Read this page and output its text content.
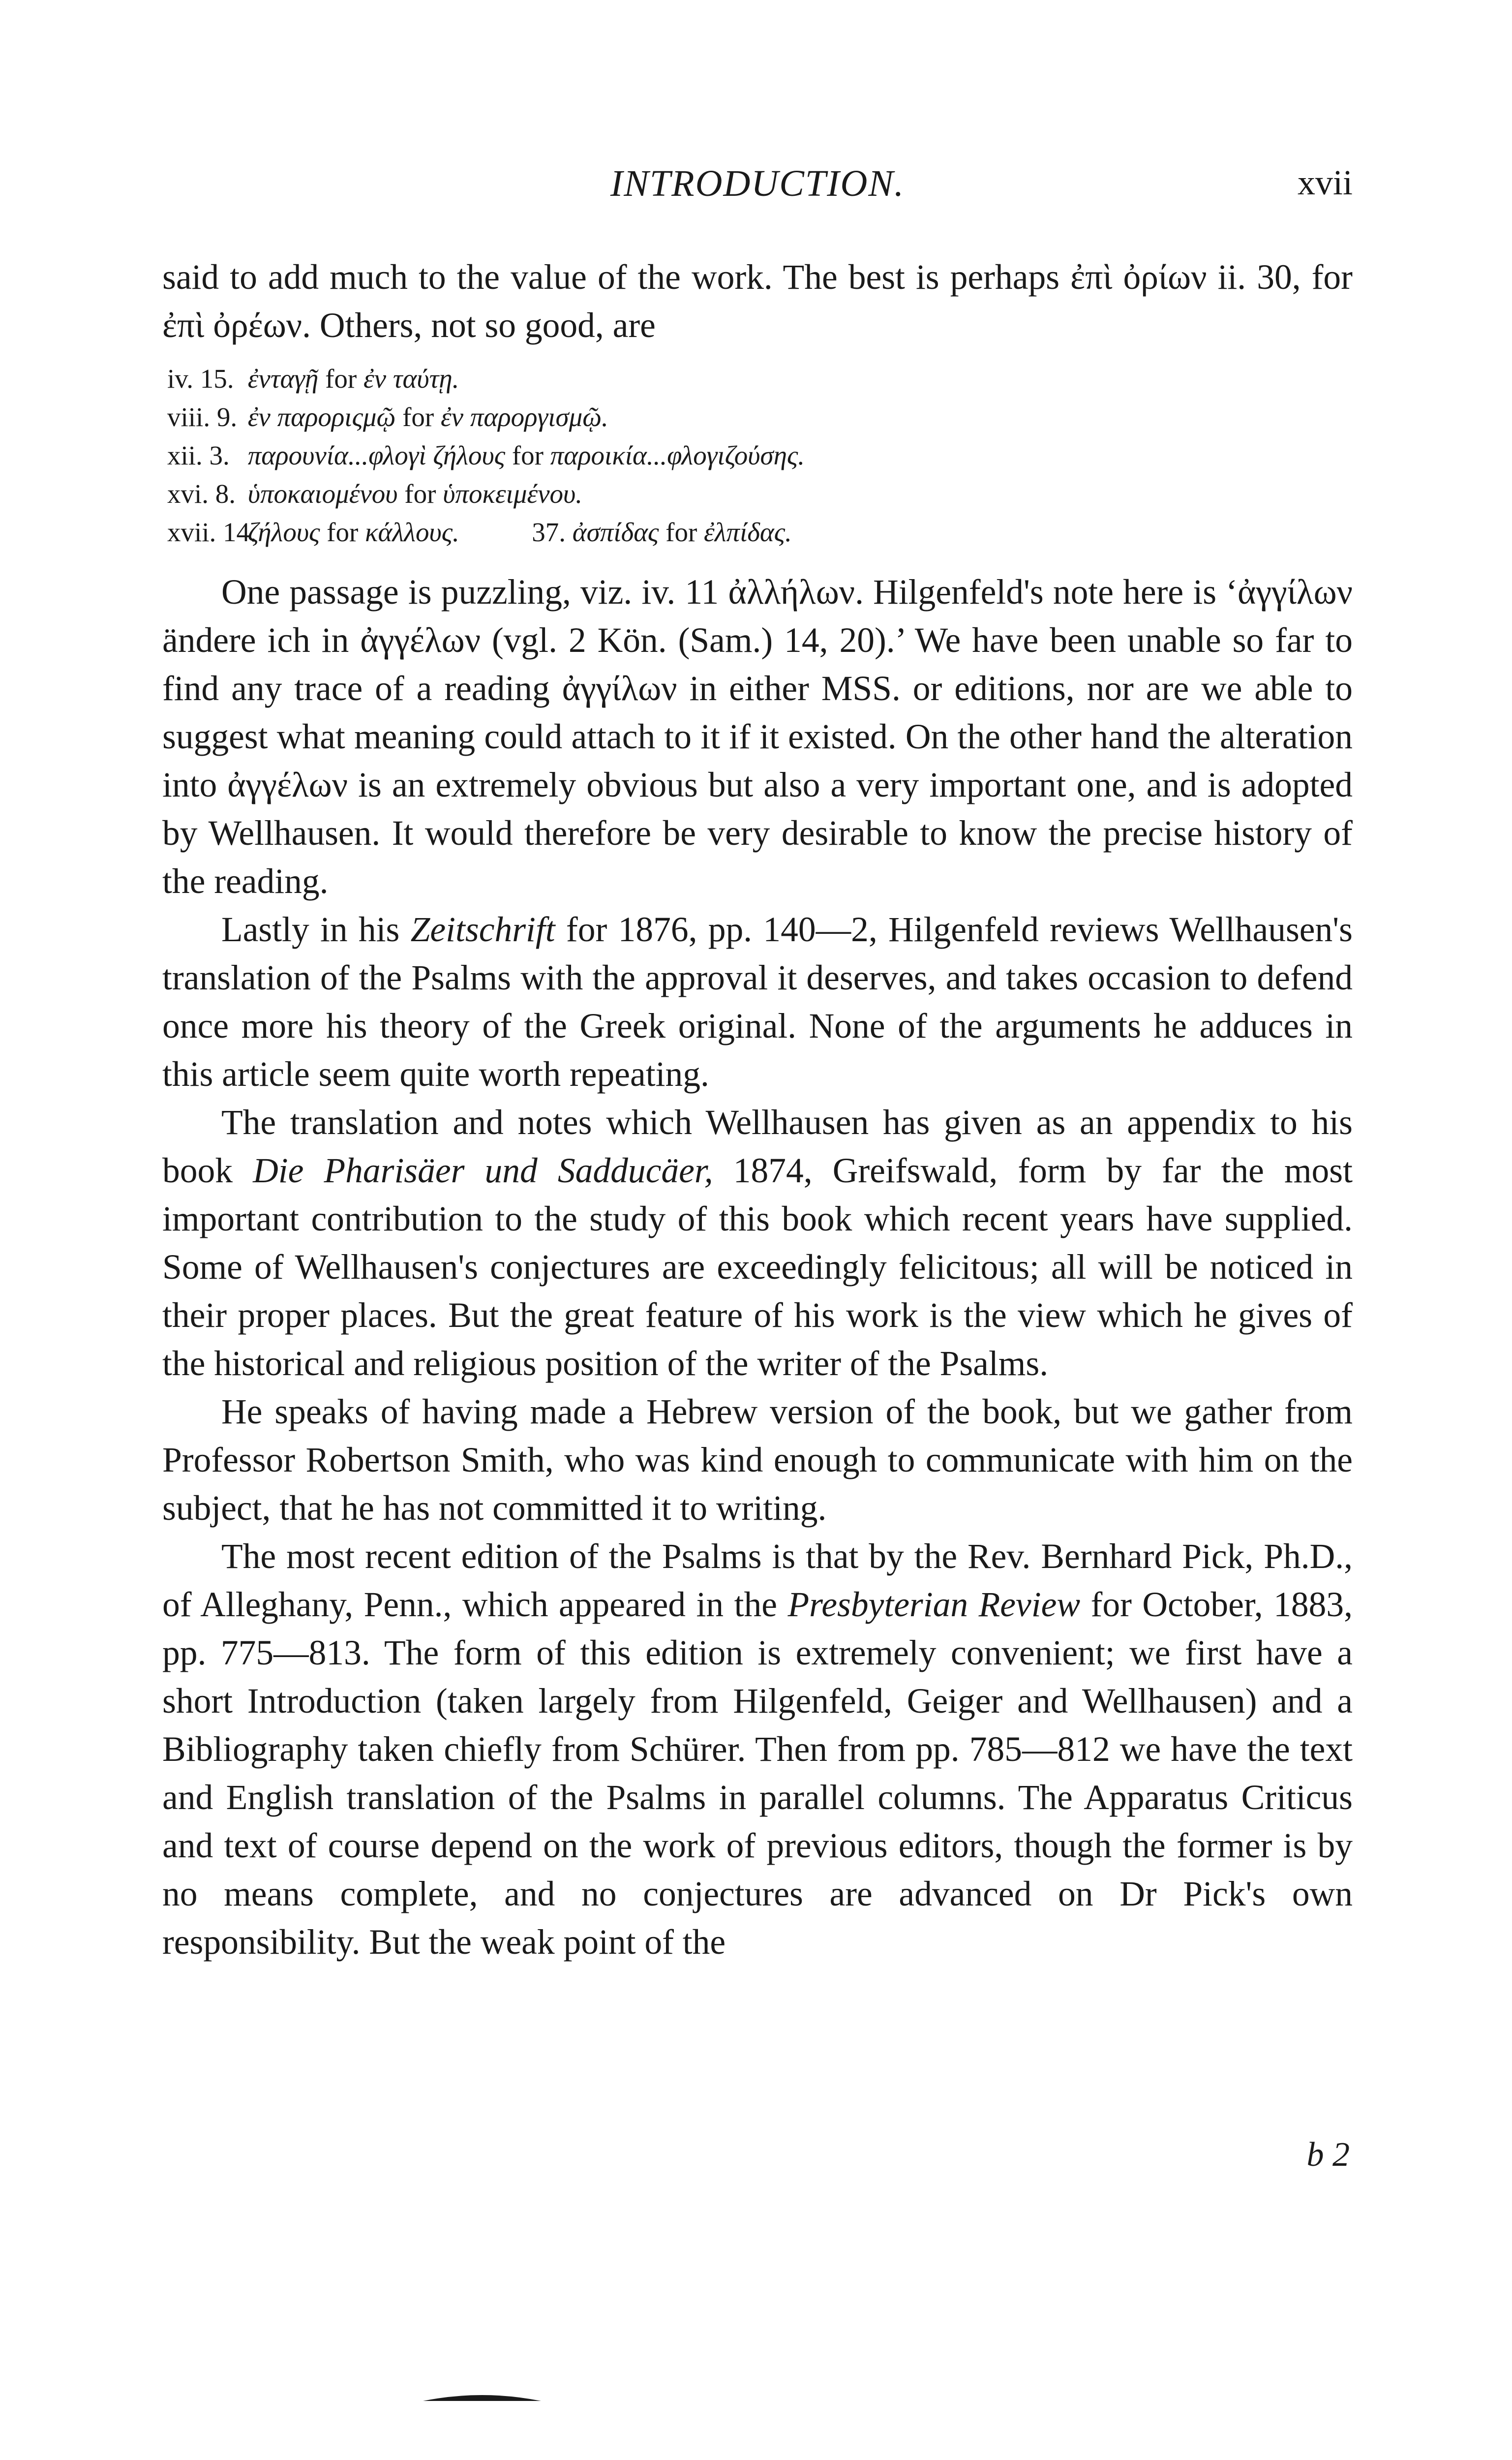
INTRODUCTION.	xvii

said to add much to the value of the work. The best is perhaps ἐπὶ ὀρίων ii. 30, for ἐπὶ ὀρέων. Others, not so good, are

iv. 15. ἐνταγῇ for ἐν ταύτῃ.
viii. 9. ἐν παροριςμῷ for ἐν παροργισμῷ.
xii. 3. παρουνία...φλογὶ ζήλους for παροικία...φλογιζούσης.
xvi. 8. ὑποκαιομένου for ὑποκειμένου.
xvii. 14. ζήλους for κάλλους.	37. ἀσπίδας for ἐλπίδας.

One passage is puzzling, viz. iv. 11 ἀλλήλων. Hilgenfeld's note here is ‘ἀγγίλων ändere ich in ἀγγέλων (vgl. 2 Kön. (Sam.) 14, 20).’ We have been unable so far to find any trace of a reading ἀγγίλων in either MSS. or editions, nor are we able to suggest what meaning could attach to it if it existed. On the other hand the alteration into ἀγγέλων is an extremely obvious but also a very important one, and is adopted by Wellhausen. It would therefore be very desirable to know the precise history of the reading.

Lastly in his Zeitschrift for 1876, pp. 140—2, Hilgenfeld reviews Wellhausen's translation of the Psalms with the approval it deserves, and takes occasion to defend once more his theory of the Greek original. None of the arguments he adduces in this article seem quite worth repeating.

The translation and notes which Wellhausen has given as an appendix to his book Die Pharisäer und Sadducäer, 1874, Greifswald, form by far the most important contribution to the study of this book which recent years have supplied. Some of Wellhausen's conjectures are exceedingly felicitous; all will be noticed in their proper places. But the great feature of his work is the view which he gives of the historical and religious position of the writer of the Psalms.

He speaks of having made a Hebrew version of the book, but we gather from Professor Robertson Smith, who was kind enough to communicate with him on the subject, that he has not committed it to writing.

The most recent edition of the Psalms is that by the Rev. Bernhard Pick, Ph.D., of Alleghany, Penn., which appeared in the Presbyterian Review for October, 1883, pp. 775—813. The form of this edition is extremely convenient; we first have a short Introduction (taken largely from Hilgenfeld, Geiger and Wellhausen) and a Bibliography taken chiefly from Schürer. Then from pp. 785—812 we have the text and English translation of the Psalms in parallel columns. The Apparatus Criticus and text of course depend on the work of previous editors, though the former is by no means complete, and no conjectures are advanced on Dr Pick's own responsibility. But the weak point of the

b 2
